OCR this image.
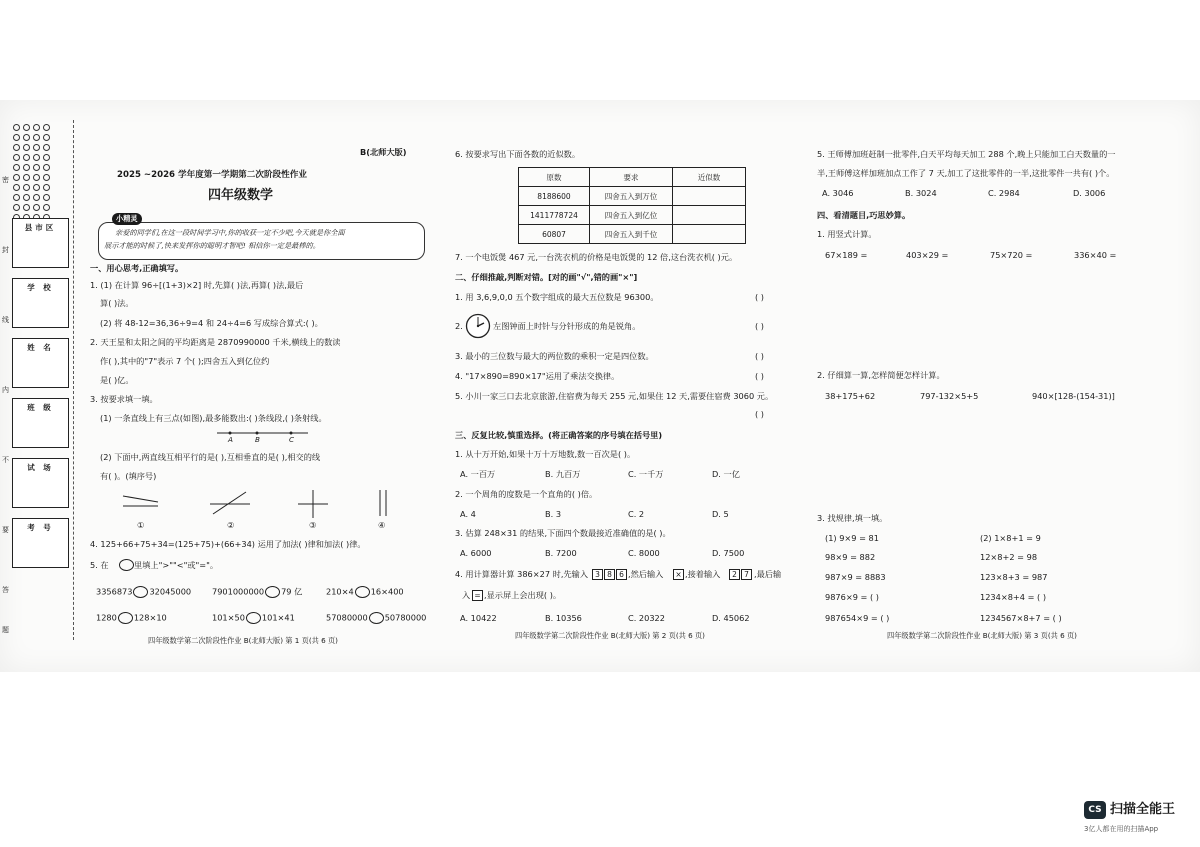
县市区
学 校
姓 名
班 级
试 场
考 号
密
封
线
内
不
要
答
题
B(北师大版)
2025 ~2026 学年度第一学期第二次阶段性作业
四年级数学
小精灵
亲爱的同学们,在这一段时间学习中,你的收获一定不少吧,今天就是你全面
展示才能的时候了,快来发挥你的聪明才智吧! 相信你一定是最棒的。
一、用心思考,正确填写。
1. (1) 在计算 96÷[(1+3)×2] 时,先算( )法,再算( )法,最后
算( )法。
(2) 将 48-12=36,36÷9=4 和 24÷4=6 写成综合算式:( )。
2. 天王星和太阳之间的平均距离是 2870990000 千米,横线上的数读
作( ),其中的"7"表示 7 个( );四舍五入到亿位约
是( )亿。
3. 按要求填一填。
(1) 一条直线上有三点(如图),最多能数出:( )条线段,( )条射线。
A	B	C
(2) 下面中,两直线互相平行的是( ),互相垂直的是( ),相交的线
有( )。(填序号)
①	②	③	④
4. 125+66+75+34=(125+75)+(66+34) 运用了加法( )律和加法( )律。
5. 在	里填上">""<"或"="。
3356873 32045000	7901000000 79 亿	210×4 16×400
1280 128×10	101×50 101×41	57080000 50780000
四年级数学第二次阶段性作业 B(北师大版) 第 1 页(共 6 页)
6. 按要求写出下面各数的近似数。
原数	要求	近似数
8188600	四舍五入到万位	
1411778724	四舍五入到亿位	
60807	四舍五入到千位	
7. 一个电饭煲 467 元,一台洗衣机的价格是电饭煲的 12 倍,这台洗衣机( )元。
二、仔细推敲,判断对错。[对的画"√",错的画"×"]
1. 用 3,6,9,0,0 五个数字组成的最大五位数是 96300。	( )
2.	左图钟面上时针与分针形成的角是锐角。	( )
3. 最小的三位数与最大的两位数的乘积一定是四位数。	( )
4. "17×890=890×17"运用了乘法交换律。	( )
5. 小川一家三口去北京旅游,住宿费为每天 255 元,如果住 12 天,需要住宿费 3060 元。
( )
三、反复比较,慎重选择。(将正确答案的序号填在括号里)
1. 从十万开始,如果十万十万地数,数一百次是( )。
A. 一百万	B. 九百万	C. 一千万	D. 一亿
2. 一个周角的度数是一个直角的( )倍。
A. 4	B. 3	C. 2	D. 5
3. 估算 248×31 的结果,下面四个数最接近准确值的是( )。
A. 6000	B. 7200	C. 8000	D. 7500
4. 用计算器计算 386×27 时,先输入 3 8 6 ,然后输入	× ,接着输入	2 7 ,最后输
入 = ,显示屏上会出现( )。
A. 10422	B. 10356	C. 20322	D. 45062
四年级数学第二次阶段性作业 B(北师大版) 第 2 页(共 6 页)
5. 王师傅加班赶制一批零件,白天平均每天加工 288 个,晚上只能加工白天数量的一
半,王师傅这样加班加点工作了 7 天,加工了这批零件的一半,这批零件一共有( )个。
A. 3046	B. 3024	C. 2984	D. 3006
四、看清题目,巧思妙算。
1. 用竖式计算。
67×189 =	403×29 =	75×720 =	336×40 =
2. 仔细算一算,怎样简便怎样计算。
38+175+62	797-132×5+5	940×[128-(154-31)]
3. 找规律,填一填。
(1) 9×9 = 81
98×9 = 882
987×9 = 8883
9876×9 = ( )
987654×9 = ( )
(2) 1×8+1 = 9
12×8+2 = 98
123×8+3 = 987
1234×8+4 = ( )
1234567×8+7 = ( )
四年级数学第二次阶段性作业 B(北师大版) 第 3 页(共 6 页)
CS 扫描全能王
3亿人都在用的扫描App
